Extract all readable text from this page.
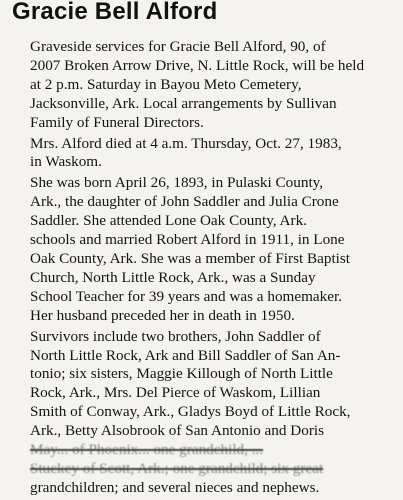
Gracie Bell Alford

Graveside services for Gracie Bell Alford, 90, of
2007 Broken Arrow Drive, N. Little Rock, will be held
at 2 p.m. Saturday in Bayou Meto Cemetery,
Jacksonville, Ark. Local arrangements by Sullivan
Family of Funeral Directors.

Mrs. Alford died at 4 a.m. Thursday, Oct. 27, 1983,
in Waskom.

She was born April 26, 1893, in Pulaski County,
Ark., the daughter of John Saddler and Julia Crone
Saddler. She attended Lone Oak County, Ark.
schools and married Robert Alford in 1911, in Lone
Oak County, Ark. She was a member of First Baptist
Church, North Little Rock, Ark., was a Sunday
School Teacher for 39 years and was a homemaker.
Her husband preceded her in death in 1950.

Survivors include two brothers, John Saddler of
North Little Rock, Ark and Bill Saddler of San An-
tonio; six sisters, Maggie Killough of North Little
Rock, Ark., Mrs. Del Pierce of Waskom, Lillian
Smith of Conway, Ark., Gladys Boyd of Little Rock,
Ark., Betty Alsobrook of San Antonio and Doris
May... of Phoenix... one grandchild, ...
Stuckey of Scott, Ark.; one grandchild; six great
grandchildren; and several nieces and nephews.
